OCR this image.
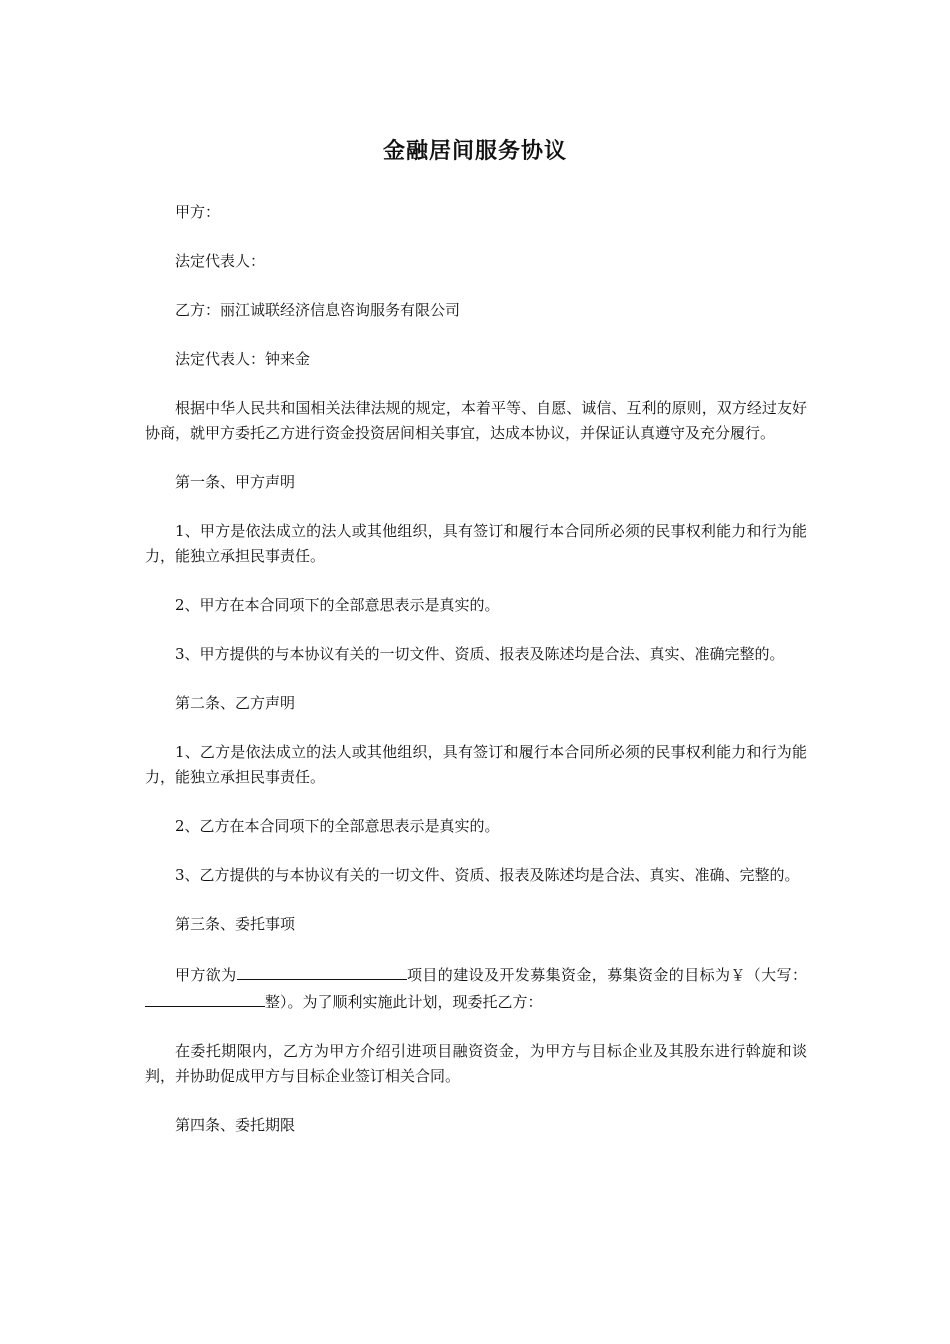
金融居间服务协议

甲方：

法定代表人：

乙方：丽江诚联经济信息咨询服务有限公司

法定代表人：钟来金

根据中华人民共和国相关法律法规的规定，本着平等、自愿、诚信、互利的原则，双方经过友好协商，就甲方委托乙方进行资金投资居间相关事宜，达成本协议，并保证认真遵守及充分履行。

第一条、甲方声明

1、甲方是依法成立的法人或其他组织，具有签订和履行本合同所必须的民事权利能力和行为能力，能独立承担民事责任。

2、甲方在本合同项下的全部意思表示是真实的。

3、甲方提供的与本协议有关的一切文件、资质、报表及陈述均是合法、真实、准确完整的。

第二条、乙方声明

1、乙方是依法成立的法人或其他组织，具有签订和履行本合同所必须的民事权利能力和行为能力，能独立承担民事责任。

2、乙方在本合同项下的全部意思表示是真实的。

3、乙方提供的与本协议有关的一切文件、资质、报表及陈述均是合法、真实、准确、完整的。

第三条、委托事项

甲方欲为	项目的建设及开发募集资金，募集资金的目标为￥（大写：整）。为了顺利实施此计划，现委托乙方：

在委托期限内，乙方为甲方介绍引进项目融资资金，为甲方与目标企业及其股东进行斡旋和谈判，并协助促成甲方与目标企业签订相关合同。

第四条、委托期限
